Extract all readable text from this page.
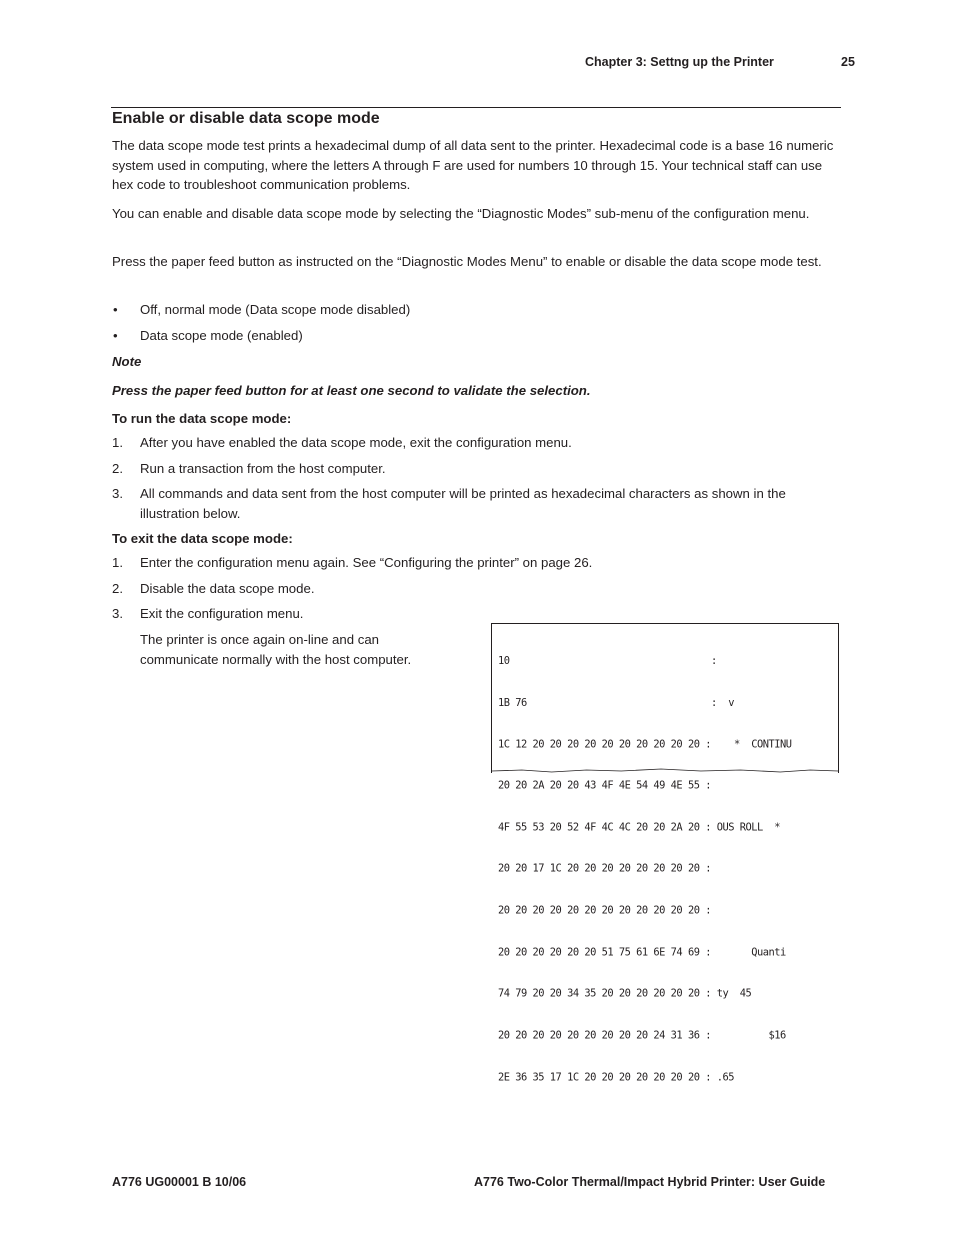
Chapter 3: Settng up the Printer	25
Enable or disable data scope mode

The data scope mode test prints a hexadecimal dump of all data sent to the printer. Hexadecimal code is a base 16 numeric system used in computing, where the letters A through F are used for numbers 10 through 15. Your technical staff can use hex code to troubleshoot communication problems.

You can enable and disable data scope mode by selecting the “Diagnostic Modes” sub-menu of the configuration menu.

Press the paper feed button as instructed on the “Diagnostic Modes Menu” to enable or disable the data scope mode test.

• Off, normal mode (Data scope mode disabled)

• Data scope mode (enabled)

Note

Press the paper feed button for at least one second to validate the selection.

To run the data scope mode:

1. After you have enabled the data scope mode, exit the configuration menu.

2. Run a transaction from the host computer.

3. All commands and data sent from the host computer will be printed as hexadecimal characters as shown in the illustration below.

To exit the data scope mode:

1. Enter the configuration menu again. See “Configuring the printer” on page 26.

2. Disable the data scope mode.

3. Exit the configuration menu.

The printer is once again on-line and can communicate normally with the host computer.

	10                                   :

1B 76                                :  v

1C 12 20 20 20 20 20 20 20 20 20 20 :    *  CONTINU

20 20 2A 20 20 43 4F 4E 54 49 4E 55 :

4F 55 53 20 52 4F 4C 4C 20 20 2A 20 : OUS ROLL  *

20 20 17 1C 20 20 20 20 20 20 20 20 :

20 20 20 20 20 20 20 20 20 20 20 20 :

20 20 20 20 20 20 51 75 61 6E 74 69 :       Quanti

74 79 20 20 34 35 20 20 20 20 20 20 : ty  45

20 20 20 20 20 20 20 20 20 24 31 36 :          $16

2E 36 35 17 1C 20 20 20 20 20 20 20 : .65

A776 UG00001 B 10/06	A776 Two-Color Thermal/Impact Hybrid Printer: User Guide
